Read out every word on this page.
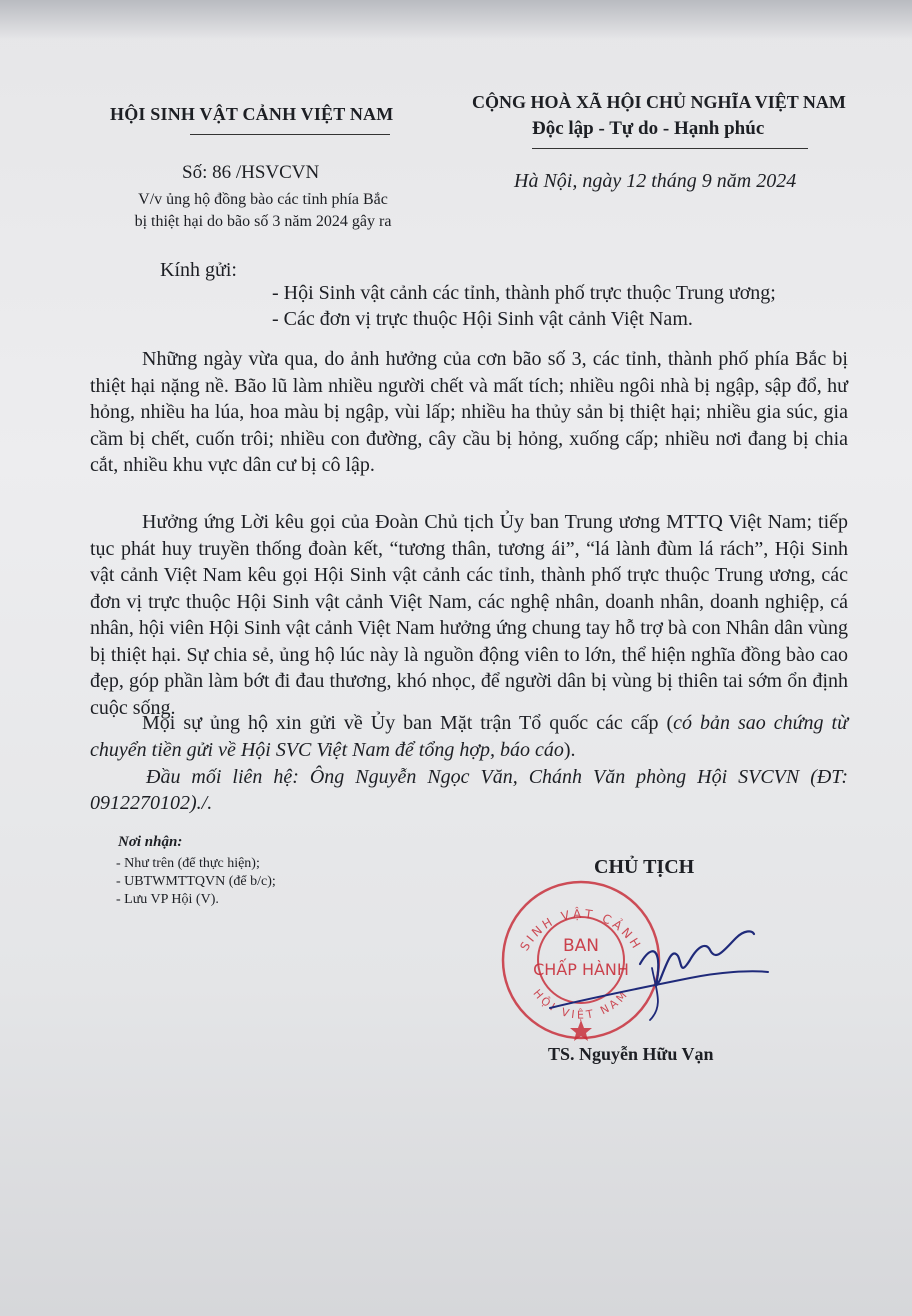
HỘI SINH VẬT CẢNH VIỆT NAM
CỘNG HOÀ XÃ HỘI CHỦ NGHĨA VIỆT NAM
Độc lập - Tự do - Hạnh phúc
Số: 86 /HSVCVN
V/v ủng hộ đồng bào các tỉnh phía Bắc
bị thiệt hại do bão số 3 năm 2024 gây ra
Hà Nội, ngày 12 tháng 9 năm 2024
Kính gửi:
- Hội Sinh vật cảnh các tỉnh, thành phố trực thuộc Trung ương;
- Các đơn vị trực thuộc Hội Sinh vật cảnh Việt Nam.

Những ngày vừa qua, do ảnh hưởng của cơn bão số 3, các tỉnh, thành phố phía Bắc bị thiệt hại nặng nề. Bão lũ làm nhiều người chết và mất tích; nhiều ngôi nhà bị ngập, sập đổ, hư hỏng, nhiều ha lúa, hoa màu bị ngập, vùi lấp; nhiều ha thủy sản bị thiệt hại; nhiều gia súc, gia cầm bị chết, cuốn trôi; nhiều con đường, cây cầu bị hỏng, xuống cấp; nhiều nơi đang bị chia cắt, nhiều khu vực dân cư bị cô lập.

Hưởng ứng Lời kêu gọi của Đoàn Chủ tịch Ủy ban Trung ương MTTQ Việt Nam; tiếp tục phát huy truyền thống đoàn kết, “tương thân, tương ái”, “lá lành đùm lá rách”, Hội Sinh vật cảnh Việt Nam kêu gọi Hội Sinh vật cảnh các tỉnh, thành phố trực thuộc Trung ương, các đơn vị trực thuộc Hội Sinh vật cảnh Việt Nam, các nghệ nhân, doanh nhân, doanh nghiệp, cá nhân, hội viên Hội Sinh vật cảnh Việt Nam hưởng ứng chung tay hỗ trợ bà con Nhân dân vùng bị thiệt hại. Sự chia sẻ, ủng hộ lúc này là nguồn động viên to lớn, thể hiện nghĩa đồng bào cao đẹp, góp phần làm bớt đi đau thương, khó nhọc, để người dân bị vùng bị thiên tai sớm ổn định cuộc sống.

Mọi sự ủng hộ xin gửi về Ủy ban Mặt trận Tổ quốc các cấp (có bản sao chứng từ chuyển tiền gửi về Hội SVC Việt Nam để tổng hợp, báo cáo).

Đầu mối liên hệ: Ông Nguyễn Ngọc Văn, Chánh Văn phòng Hội SVCVN (ĐT: 0912270102)./.
Nơi nhận:
- Như trên (để thực hiện);
- UBTWMTTQVN (để b/c);
- Lưu VP Hội (V).
CHỦ TỊCH
SINH VẬT CẢNH
HỘI VIỆT NAM
BAN
CHẤP HÀNH
TS. Nguyễn Hữu Vạn
